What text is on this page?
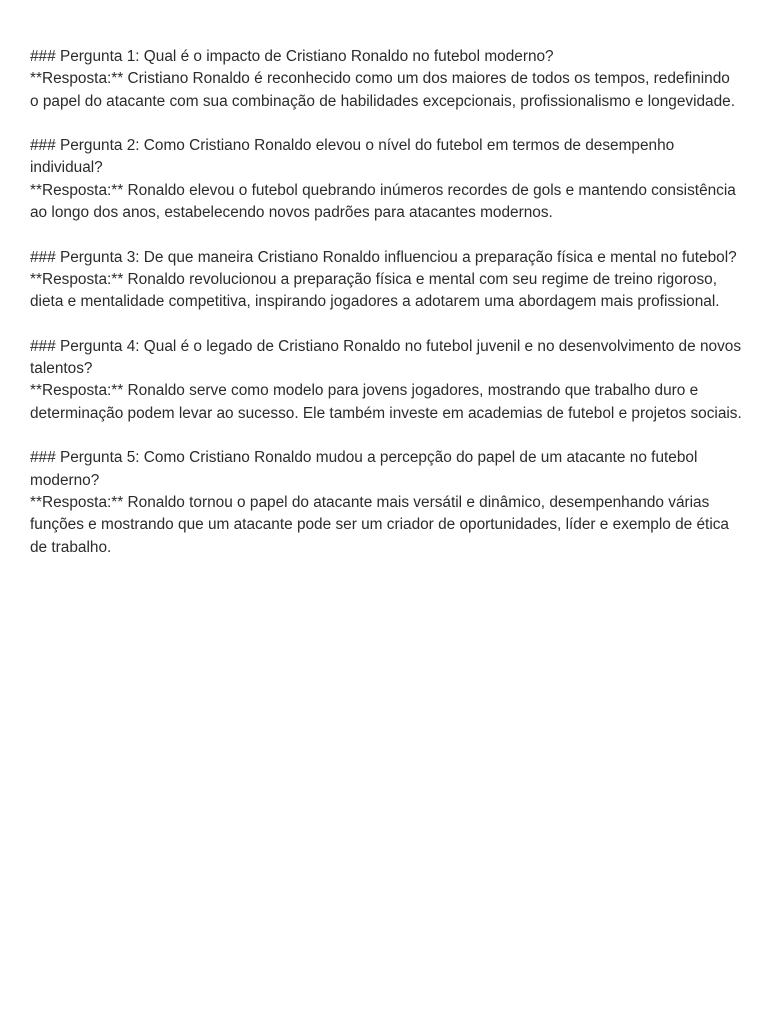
### Pergunta 1: Qual é o impacto de Cristiano Ronaldo no futebol moderno?
**Resposta:** Cristiano Ronaldo é reconhecido como um dos maiores de todos os tempos, redefinindo o papel do atacante com sua combinação de habilidades excepcionais, profissionalismo e longevidade.
### Pergunta 2: Como Cristiano Ronaldo elevou o nível do futebol em termos de desempenho individual?
**Resposta:** Ronaldo elevou o futebol quebrando inúmeros recordes de gols e mantendo consistência ao longo dos anos, estabelecendo novos padrões para atacantes modernos.
### Pergunta 3: De que maneira Cristiano Ronaldo influenciou a preparação física e mental no futebol?
**Resposta:** Ronaldo revolucionou a preparação física e mental com seu regime de treino rigoroso, dieta e mentalidade competitiva, inspirando jogadores a adotarem uma abordagem mais profissional.
### Pergunta 4: Qual é o legado de Cristiano Ronaldo no futebol juvenil e no desenvolvimento de novos talentos?
**Resposta:** Ronaldo serve como modelo para jovens jogadores, mostrando que trabalho duro e determinação podem levar ao sucesso. Ele também investe em academias de futebol e projetos sociais.
### Pergunta 5: Como Cristiano Ronaldo mudou a percepção do papel de um atacante no futebol moderno?
**Resposta:** Ronaldo tornou o papel do atacante mais versátil e dinâmico, desempenhando várias funções e mostrando que um atacante pode ser um criador de oportunidades, líder e exemplo de ética de trabalho.
